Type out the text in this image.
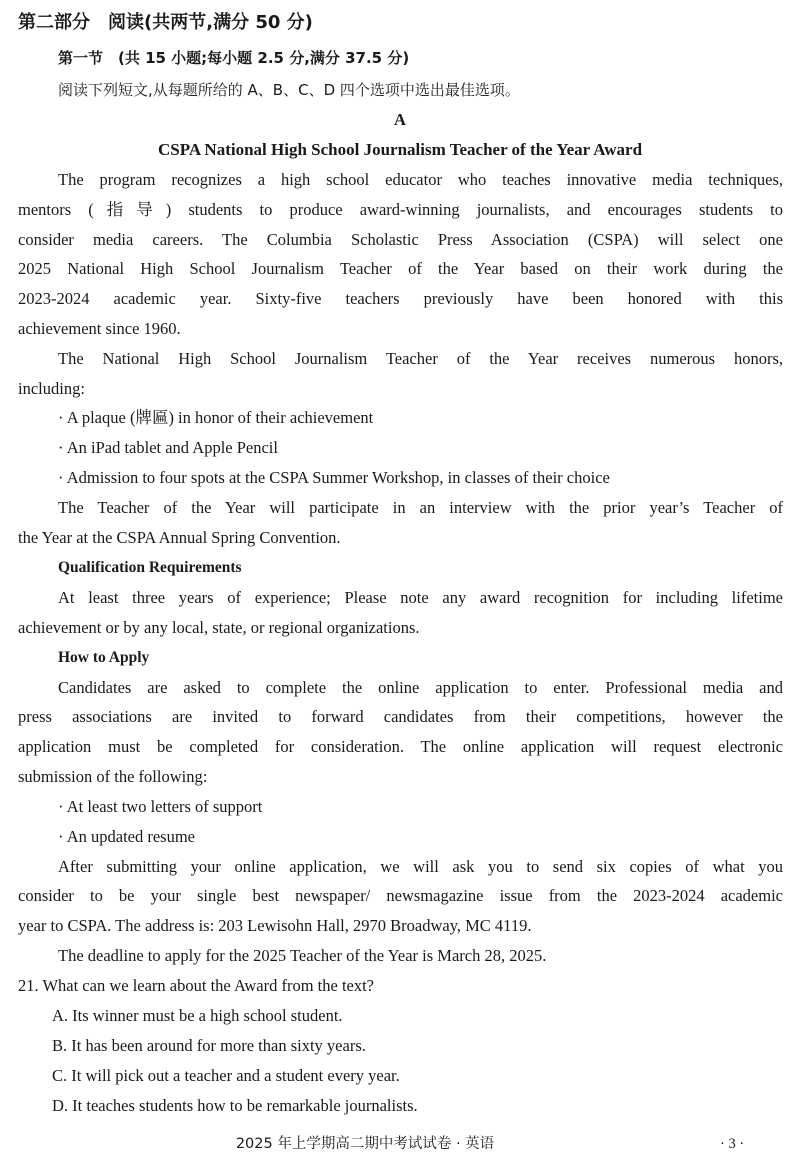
第二部分　阅读(共两节,满分 50 分)
第一节　(共 15 小题;每小题 2.5 分,满分 37.5 分)
阅读下列短文,从每题所给的 A、B、C、D 四个选项中选出最佳选项。
A
CSPA National High School Journalism Teacher of the Year Award
The program recognizes a high school educator who teaches innovative media techniques,
mentors (指导) students to produce award-winning journalists, and encourages students to
consider media careers. The Columbia Scholastic Press Association (CSPA) will select one
2025 National High School Journalism Teacher of the Year based on their work during the
2023-2024 academic year. Sixty-five teachers previously have been honored with this
achievement since 1960.
The National High School Journalism Teacher of the Year receives numerous honors,
including:
· A plaque (牌匾) in honor of their achievement
· An iPad tablet and Apple Pencil
· Admission to four spots at the CSPA Summer Workshop, in classes of their choice
The Teacher of the Year will participate in an interview with the prior year’s Teacher of
the Year at the CSPA Annual Spring Convention.
Qualification Requirements
At least three years of experience; Please note any award recognition for including lifetime
achievement or by any local, state, or regional organizations.
How to Apply
Candidates are asked to complete the online application to enter. Professional media and
press associations are invited to forward candidates from their competitions, however the
application must be completed for consideration. The online application will request electronic
submission of the following:
· At least two letters of support
· An updated resume
After submitting your online application, we will ask you to send six copies of what you
consider to be your single best newspaper/ newsmagazine issue from the 2023-2024 academic
year to CSPA. The address is: 203 Lewisohn Hall, 2970 Broadway, MC 4119.
The deadline to apply for the 2025 Teacher of the Year is March 28, 2025.
21. What can we learn about the Award from the text?
A. Its winner must be a high school student.
B. It has been around for more than sixty years.
C. It will pick out a teacher and a student every year.
D. It teaches students how to be remarkable journalists.
2025 年上学期高二期中考试试卷 · 英语	· 3 ·
